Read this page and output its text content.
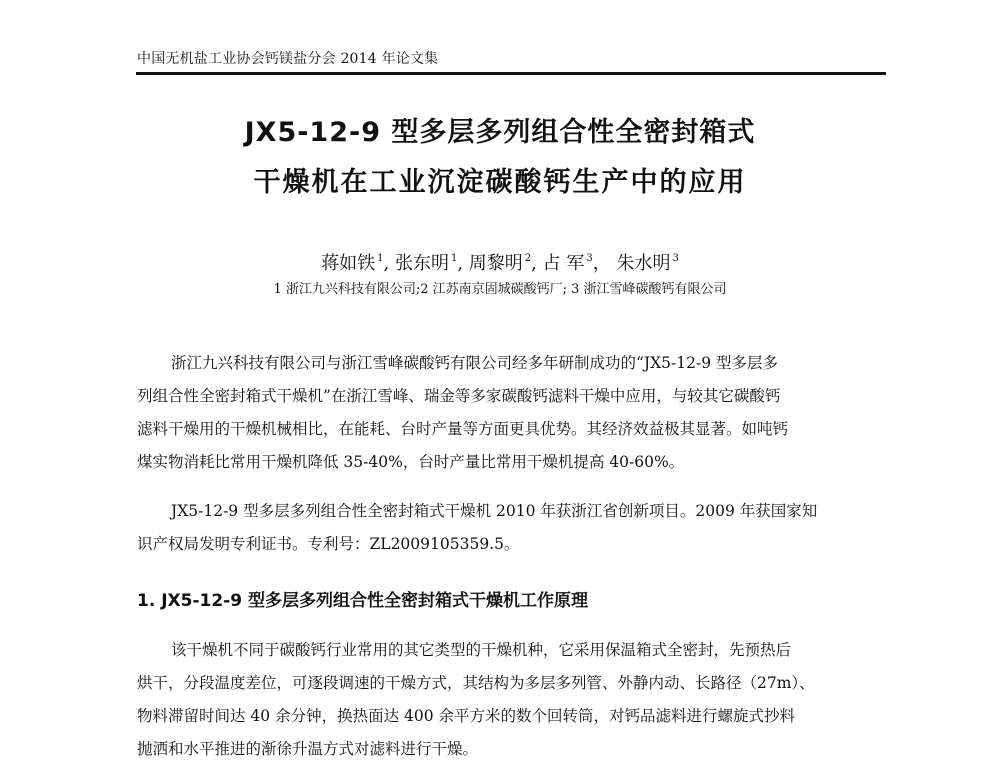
中国无机盐工业协会钙镁盐分会 2014 年论文集
JX5-12-9 型多层多列组合性全密封箱式
干燥机在工业沉淀碳酸钙生产中的应用
蒋如铁 $^1$, 张东明 $^1$, 周黎明 $^2$, 占 军 $^3$， 朱水明 $^3$
1 浙江九兴科技有限公司;2 江苏南京固城碳酸钙厂; 3 浙江雪峰碳酸钙有限公司
浙江九兴科技有限公司与浙江雪峰碳酸钙有限公司经多年研制成功的“JX5-12-9 型多层多
列组合性全密封箱式干燥机”在浙江雪峰、瑞金等多家碳酸钙滤料干燥中应用，与较其它碳酸钙
滤料干燥用的干燥机械相比，在能耗、台时产量等方面更具优势。其经济效益极其显著。如吨钙
煤实物消耗比常用干燥机降低 35-40%，台时产量比常用干燥机提高 40-60%。
JX5-12-9 型多层多列组合性全密封箱式干燥机 2010 年获浙江省创新项目。2009 年获国家知
识产权局发明专利证书。专利号：ZL2009105359.5。
1. JX5-12-9 型多层多列组合性全密封箱式干燥机工作原理
该干燥机不同于碳酸钙行业常用的其它类型的干燥机种，它采用保温箱式全密封，先预热后
烘干，分段温度差位，可逐段调速的干燥方式，其结构为多层多列管、外静内动、长路径（27m）、
物料滞留时间达 40 余分钟，换热面达 400 余平方米的数个回转筒，对钙品滤料进行螺旋式抄料
抛洒和水平推进的渐徐升温方式对滤料进行干燥。
